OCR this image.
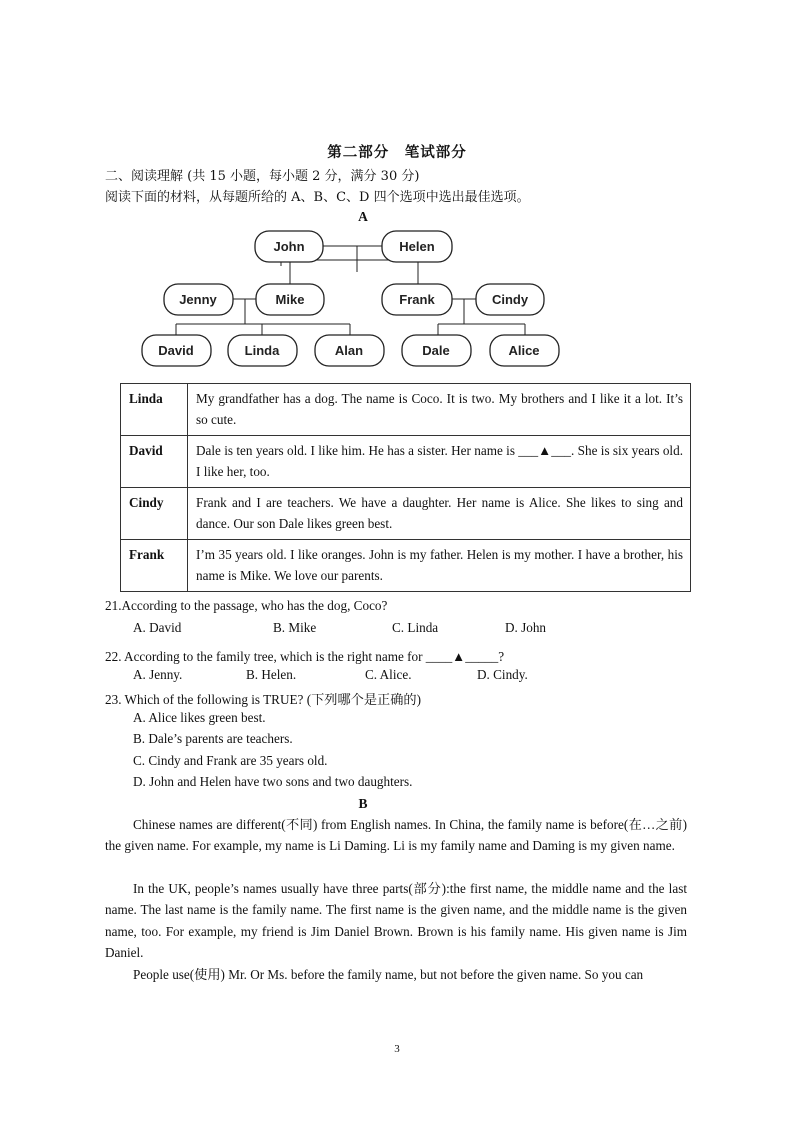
第二部分　笔试部分
二、阅读理解 (共 15 小题，每小题 2 分，满分 30 分)
阅读下面的材料，从每题所给的 A、B、C、D 四个选项中选出最佳选项。
A
John	Helen
Jenny	Mike	Frank	Cindy
David	Linda	Alan	Dale	Alice
Linda	My grandfather has a dog. The name is Coco. It is two. My brothers and I like it a lot. It’s so cute.
David	Dale is ten years old. I like him. He has a sister. Her name is ___▲___. She is six years old. I like her, too.
Cindy	Frank and I are teachers. We have a daughter. Her name is Alice. She likes to sing and dance. Our son Dale likes green best.
Frank	I’m 35 years old. I like oranges. John is my father. Helen is my mother. I have a brother, his name is Mike. We love our parents.
21.According to the passage, who has the dog, Coco?
A. David	B. Mike	C. Linda	D. John
22. According to the family tree, which is the right name for ____▲_____?
A. Jenny.	B. Helen.	C. Alice.	D. Cindy.
23. Which of the following is TRUE? (下列哪个是正确的)
A. Alice likes green best.
B. Dale’s parents are teachers.
C. Cindy and Frank are 35 years old.
D. John and Helen have two sons and two daughters.
B
Chinese names are different(不同) from English names. In China, the family name is before(在…之前) the given name. For example, my name is Li Daming. Li is my family name and Daming is my given name.
In the UK, people’s names usually have three parts(部分):the first name, the middle name and the last name. The last name is the family name. The first name is the given name, and the middle name is the given name, too. For example, my friend is Jim Daniel Brown. Brown is his family name. His given name is Jim Daniel.
People use(使用) Mr. Or Ms. before the family name, but not before the given name. So you can
3
